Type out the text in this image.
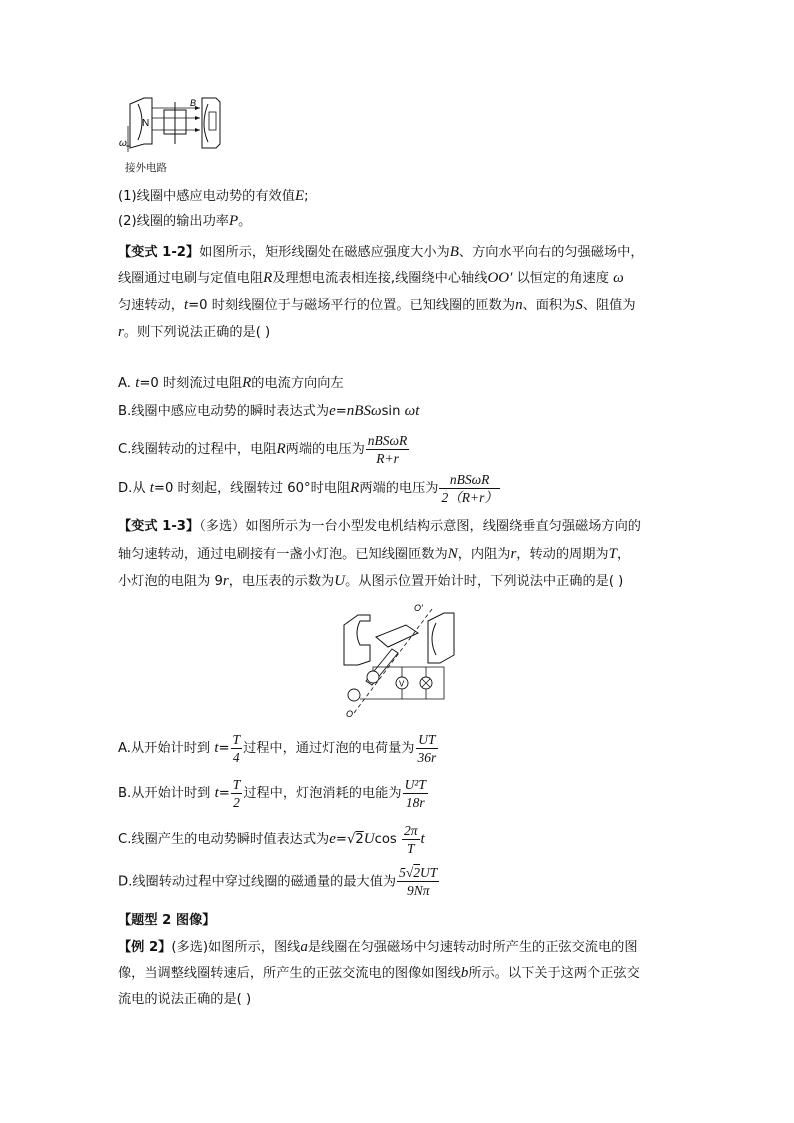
N
B
ω
接外电路
(1)线圈中感应电动势的有效值E;
(2)线圈的输出功率P。
【变式 1-2】如图所示，矩形线圈处在磁感应强度大小为B、方向水平向右的匀强磁场中，
线圈通过电刷与定值电阻R及理想电流表相连接,线圈绕中心轴线OO′ 以恒定的角速度 ω
匀速转动，t=0 时刻线圈位于与磁场平行的位置。已知线圈的匝数为n、面积为S、阻值为
r。则下列说法正确的是( )
A. t=0 时刻流过电阻R的电流方向向左
B.线圈中感应电动势的瞬时表达式为e=nBSωsin ωt
C.线圈转动的过程中，电阻R两端的电压为 $\frac{\text{nBSωR}}{R+r}$
D.从 t=0 时刻起，线圈转过 60°时电阻R两端的电压为 $\frac{\text{nBSωR}}{2(R+r)}$
【变式 1-3】（多选）如图所示为一台小型发电机结构示意图，线圈绕垂直匀强磁场方向的
轴匀速转动，通过电刷接有一盏小灯泡。已知线圈匝数为N，内阻为r，转动的周期为T，
小灯泡的电阻为 9r，电压表的示数为U。从图示位置开始计时，下列说法中正确的是( )
V
O′
O
A.从开始计时到 $t= \frac{T}{4}$ 过程中，通过灯泡的电荷量为 $\frac{UT}{36r}$
B.从开始计时到 $t= \frac{T}{2}$ 过程中，灯泡消耗的电能为 $\frac{\text{U²T}}{18r}$
C.线圈产生的电动势瞬时值表达式为$e=√2Ucos \frac{2\pi}{T}$ t
D.线圈转动过程中穿过线圈的磁通量的最大值为 $\frac{5√2UT}{9N\pi}$
【题型 2 图像】
【例 2】(多选)如图所示，图线a是线圈在匀强磁场中匀速转动时所产生的正弦交流电的图
像，当调整线圈转速后，所产生的正弦交流电的图像如图线b所示。以下关于这两个正弦交
流电的说法正确的是( )
